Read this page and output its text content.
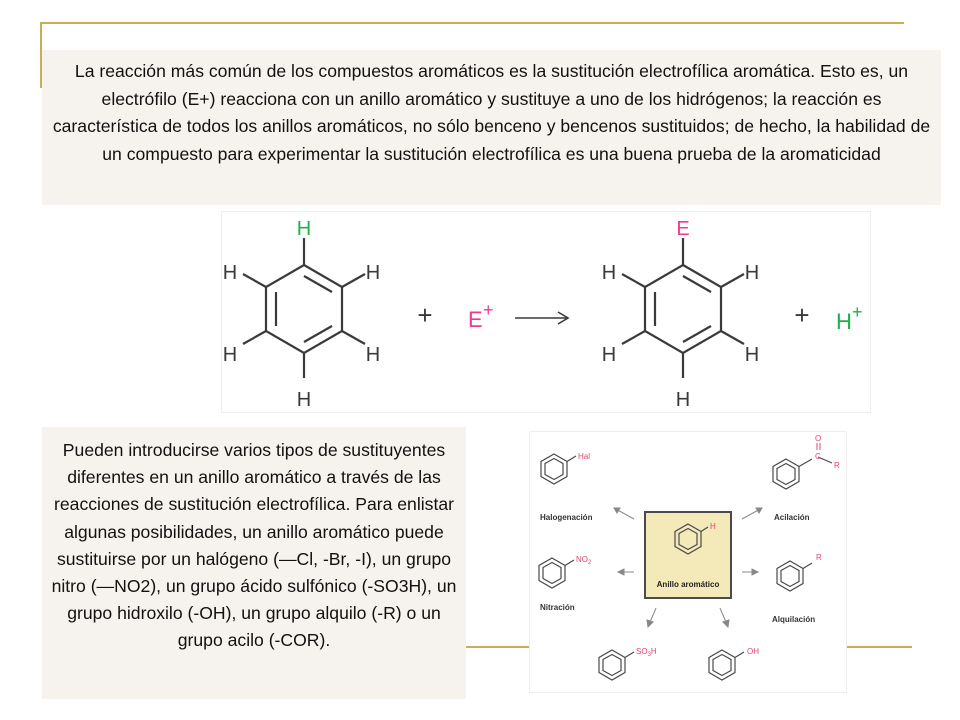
La reacción más común de los compuestos aromáticos es la sustitución electrofílica aromática. Esto es, un electrófilo (E+) reacciona con un anillo aromático y sustituye a uno de los hidrógenos; la reacción es característica de todos los anillos aromáticos, no sólo benceno y bencenos sustituidos; de hecho, la habilidad de un compuesto para experimentar la sustitución electrofílica es una buena prueba de la aromaticidad
H
H
H
H
H
H
+ E +
E
H
H
H
H
H
+ H +
Pueden introducirse varios tipos de sustituyentes diferentes en un anillo aromático a través de las reacciones de sustitución electrofílica. Para enlistar algunas posibilidades, un anillo aromático puede sustituirse por un halógeno (—Cl, -Br, -I), un grupo nitro (—NO2), un grupo ácido sulfónico (-SO3H), un grupo hidroxilo (-OH), un grupo alquilo (-R) o un grupo acilo (-COR).
H
Anillo aromático
Hal
Halogenación
O
C
R
Acilación
$NO_2$
Nitración
R
Alquilación
$SO_3H$	OH
